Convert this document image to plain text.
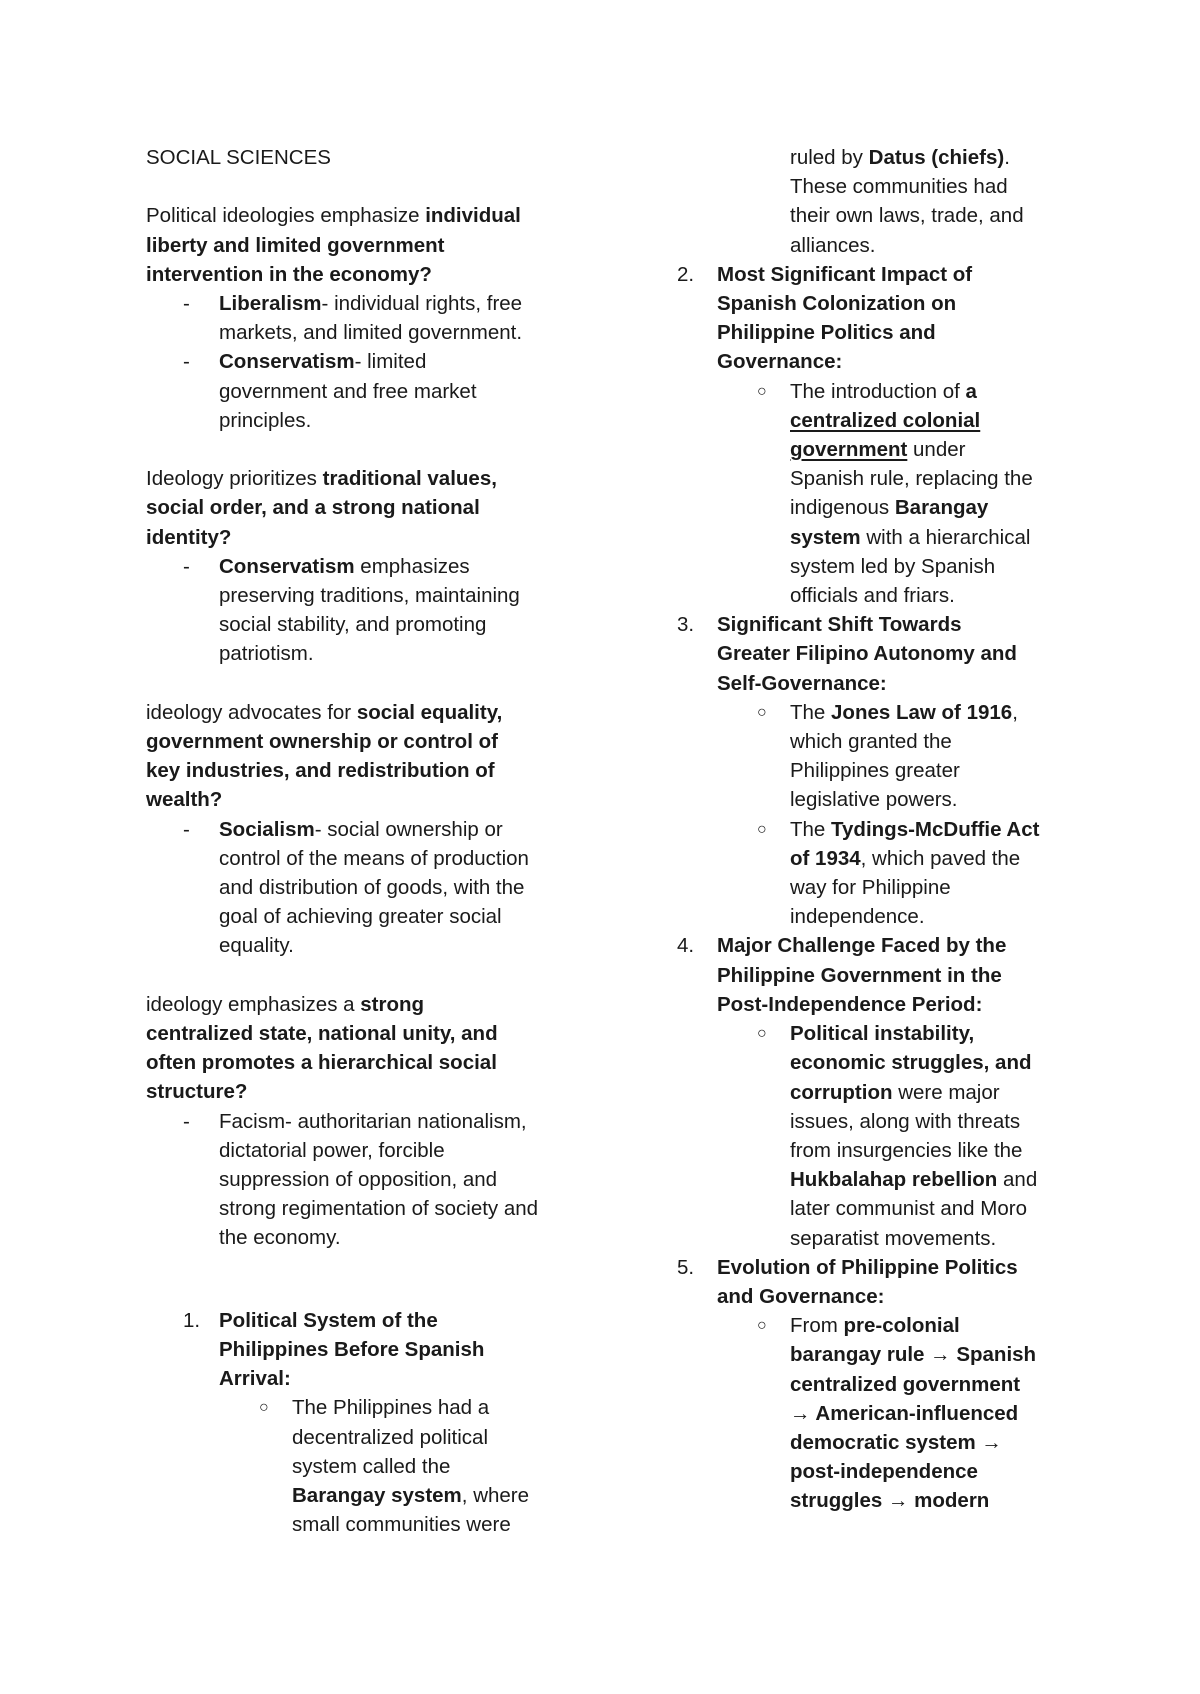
SOCIAL SCIENCES
Political ideologies emphasize individual
liberty and limited government
intervention in the economy?
- Liberalism- individual rights, free
markets, and limited government.
- Conservatism- limited
government and free market
principles.
Ideology prioritizes traditional values,
social order, and a strong national
identity?
- Conservatism emphasizes
preserving traditions, maintaining
social stability, and promoting
patriotism.
ideology advocates for social equality,
government ownership or control of
key industries, and redistribution of
wealth?
- Socialism- social ownership or
control of the means of production
and distribution of goods, with the
goal of achieving greater social
equality.
ideology emphasizes a strong
centralized state, national unity, and
often promotes a hierarchical social
structure?
- Facism- authoritarian nationalism,
dictatorial power, forcible
suppression of opposition, and
strong regimentation of society and
the economy.
1. Political System of the
Philippines Before Spanish
Arrival:
○ The Philippines had a
decentralized political
system called the
Barangay system, where
small communities were
ruled by Datus (chiefs).
These communities had
their own laws, trade, and
alliances.
2. Most Significant Impact of
Spanish Colonization on
Philippine Politics and
Governance:
○ The introduction of a
centralized colonial
government under
Spanish rule, replacing the
indigenous Barangay
system with a hierarchical
system led by Spanish
officials and friars.
3. Significant Shift Towards
Greater Filipino Autonomy and
Self-Governance:
○ The Jones Law of 1916,
which granted the
Philippines greater
legislative powers.
○ The Tydings-McDuffie Act
of 1934, which paved the
way for Philippine
independence.
4. Major Challenge Faced by the
Philippine Government in the
Post-Independence Period:
○ Political instability,
economic struggles, and
corruption were major
issues, along with threats
from insurgencies like the
Hukbalahap rebellion and
later communist and Moro
separatist movements.
5. Evolution of Philippine Politics
and Governance:
○ From pre-colonial
barangay rule → Spanish
centralized government
→ American-influenced
democratic system →
post-independence
struggles → modern
